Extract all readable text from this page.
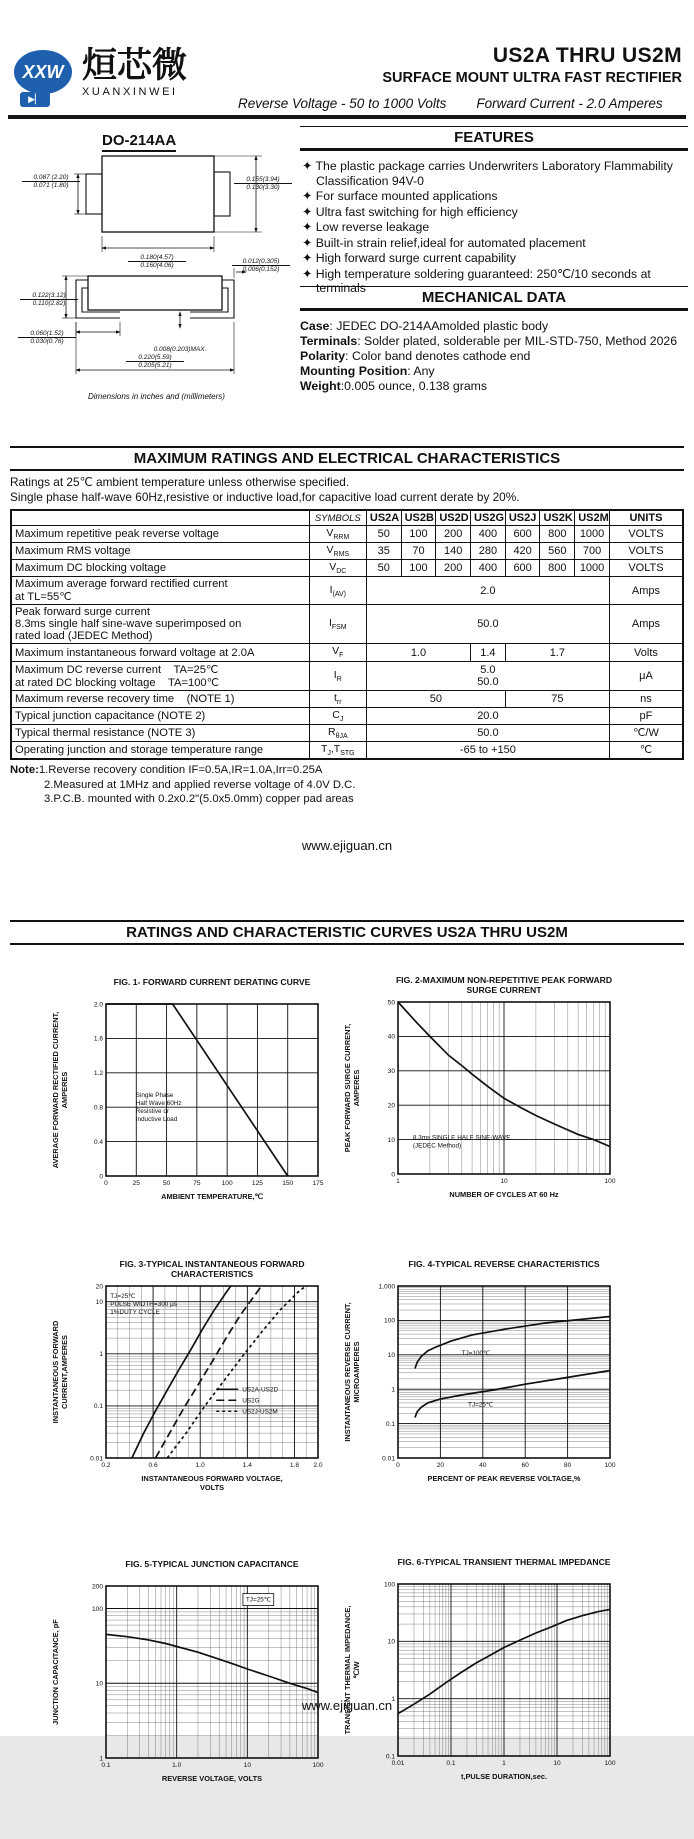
XXW
▶▏
烜芯微
XUANXINWEI
Reverse Voltage - 50 to 1000 Volts Forward Current - 2.0 Amperes
US2A THRU US2M
SURFACE MOUNT ULTRA FAST RECTIFIER
DO-214AA
0.087 (2.20)
0.071 (1.80)
0.155(3.94)
0.130(3.30)
0.180(4.57)
0.160(4.06)
0.012(0.305)
0.006(0.152)
0.122(3.12)
0.110(2.82)
0.060(1.52)
0.030(0.76)
0.008(0.203)MAX.
0.220(5.59)
0.205(5.21)
Dimensions in inches and (millimeters)
FEATURES
✦ The plastic package carries Underwriters Laboratory Flammability Classification 94V-0
✦ For surface mounted applications
✦ Ultra fast switching for high efficiency
✦ Low reverse leakage
✦ Built-in strain relief,ideal for automated placement
✦ High forward surge current capability
✦ High temperature soldering guaranteed: 250℃/10 seconds at terminals
MECHANICAL DATA
Case: JEDEC DO-214AAmolded plastic body
Terminals: Solder plated, solderable per MIL-STD-750, Method 2026
Polarity: Color band denotes cathode end
Mounting Position: Any
Weight:0.005 ounce, 0.138 grams
MAXIMUM RATINGS AND ELECTRICAL CHARACTERISTICS
Ratings at 25℃ ambient temperature unless otherwise specified.
Single phase half-wave 60Hz,resistive or inductive load,for capacitive load current derate by 20%.
	SYMBOLS	US2A	US2B	US2D	US2G	US2J	US2K	US2M	UNITS
Maximum repetitive peak reverse voltage	$V_{RRM}$	50	100	200	400	600	800	1000	VOLTS
Maximum RMS voltage	$V_{RMS}$	35	70	140	280	420	560	700	VOLTS
Maximum DC blocking voltage	$V_{DC}$	50	100	200	400	600	800	1000	VOLTS
Maximum average forward rectified current
at TL=55℃	$I_{(AV)}$	2.0							Amps
Peak forward surge current
8.3ms single half sine-wave superimposed on
rated load (JEDEC Method)	$I_{FSM}$	50.0							Amps
Maximum instantaneous forward voltage at 2.0A	$V_F$	1.0			1.4	1.7			Volts
Maximum DC reverse current    TA=25℃
at rated DC blocking voltage    TA=100℃	$I_R$	5.0
50.0							μA
Maximum reverse recovery time    (NOTE 1)	$t_{rr}$	50				75			ns
Typical junction capacitance (NOTE 2)	$C_J$	20.0							pF
Typical thermal resistance (NOTE 3)	$R_{\theta JA}$	50.0							℃/W
Operating junction and storage temperature range	$T_J,T_{STG}$	-65 to +150							℃
Note:1.Reverse recovery condition IF=0.5A,IR=1.0A,Irr=0.25A
2.Measured at 1MHz and applied reverse voltage of 4.0V D.C.
3.P.C.B. mounted with 0.2x0.2"(5.0x5.0mm) copper pad areas
www.ejiguan.cn
RATINGS AND CHARACTERISTIC CURVES US2A THRU US2M
FIG. 1- FORWARD CURRENT DERATING CURVE
0	25	50	75	100	125	150	175
0
0.4
0.8
1.2
1.6
2.0
Single Phase
Half Wave 60Hz
Resistive or
Inductive Load
AMBIENT TEMPERATURE,℃
AVERAGE FORWARD RECTIFIED CURRENT, AMPERES
FIG. 2-MAXIMUM NON-REPETITIVE PEAK FORWARD
SURGE CURRENT
1	10	100
0
10
20
30
40
50
8.3ms SINGLE HALF SINE-WAVE
(JEDEC Method)
NUMBER OF CYCLES AT 60 Hz
PEAK FORWARD SURGE CURRENT, AMPERES
FIG. 3-TYPICAL INSTANTANEOUS FORWARD
CHARACTERISTICS
0.2	0.6	1.0	1.4	1.8 2.0
0.01
0.1
1
10
20
TJ=25℃
PULSE WIDTH=300 μs
1%DUTY CYCLE
US2A-US2D
US2G
US2J-US2M
INSTANTANEOUS FORWARD VOLTAGE,
VOLTS
INSTANTANEOUS FORWARD CURRENT,AMPERES
FIG. 4-TYPICAL REVERSE CHARACTERISTICS
0	20	40	60	80	100
0.01
0.1
1
10
100
1,000
TJ=100℃
TJ=25℃
PERCENT OF PEAK REVERSE VOLTAGE,%
INSTANTANEOUS REVERSE CURRENT, MICROAMPERES
FIG. 5-TYPICAL JUNCTION CAPACITANCE
0.1	1.0	10	100
1
10
100
200
TJ=25℃
REVERSE VOLTAGE, VOLTS
JUNCTION CAPACITANCE, pF
FIG. 6-TYPICAL TRANSIENT THERMAL IMPEDANCE
0.01	0.1	1	10	100
0.1
1
10
100
t,PULSE DURATION,sec.
TRANSIENT THERMAL IMPEDANCE, ℃/W
www.ejiguan.cn
